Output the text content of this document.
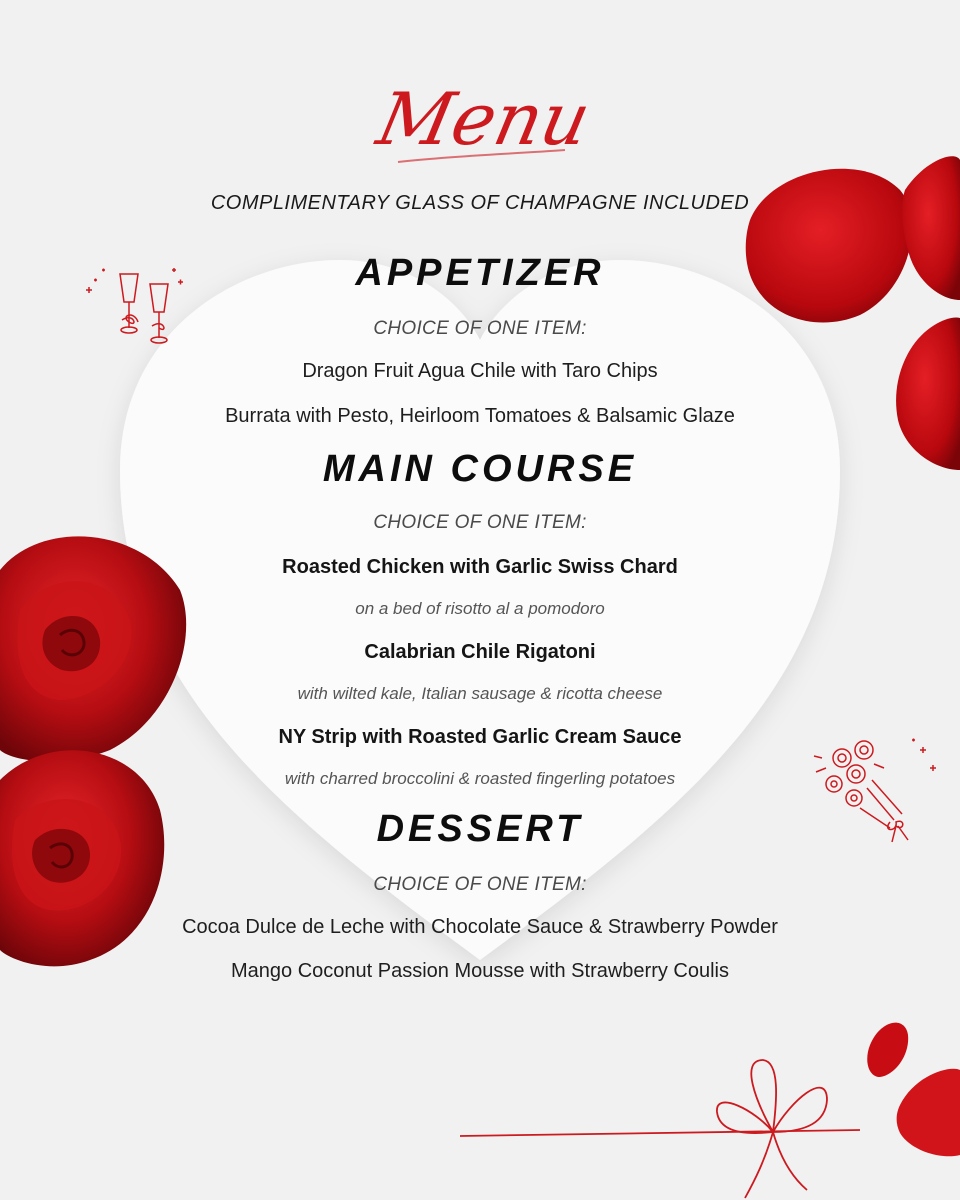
Menu
COMPLIMENTARY GLASS OF CHAMPAGNE INCLUDED
APPETIZER
CHOICE OF ONE ITEM:
Dragon Fruit Agua Chile with Taro Chips
Burrata with Pesto, Heirloom Tomatoes & Balsamic Glaze
MAIN COURSE
CHOICE OF ONE ITEM:
Roasted Chicken with Garlic Swiss Chard
on a bed of risotto al a pomodoro
Calabrian Chile Rigatoni
with wilted kale, Italian sausage & ricotta cheese
NY Strip with Roasted Garlic Cream Sauce
with charred broccolini & roasted fingerling potatoes
DESSERT
CHOICE OF ONE ITEM:
Cocoa Dulce de Leche with Chocolate Sauce & Strawberry Powder
Mango Coconut Passion Mousse with Strawberry Coulis
